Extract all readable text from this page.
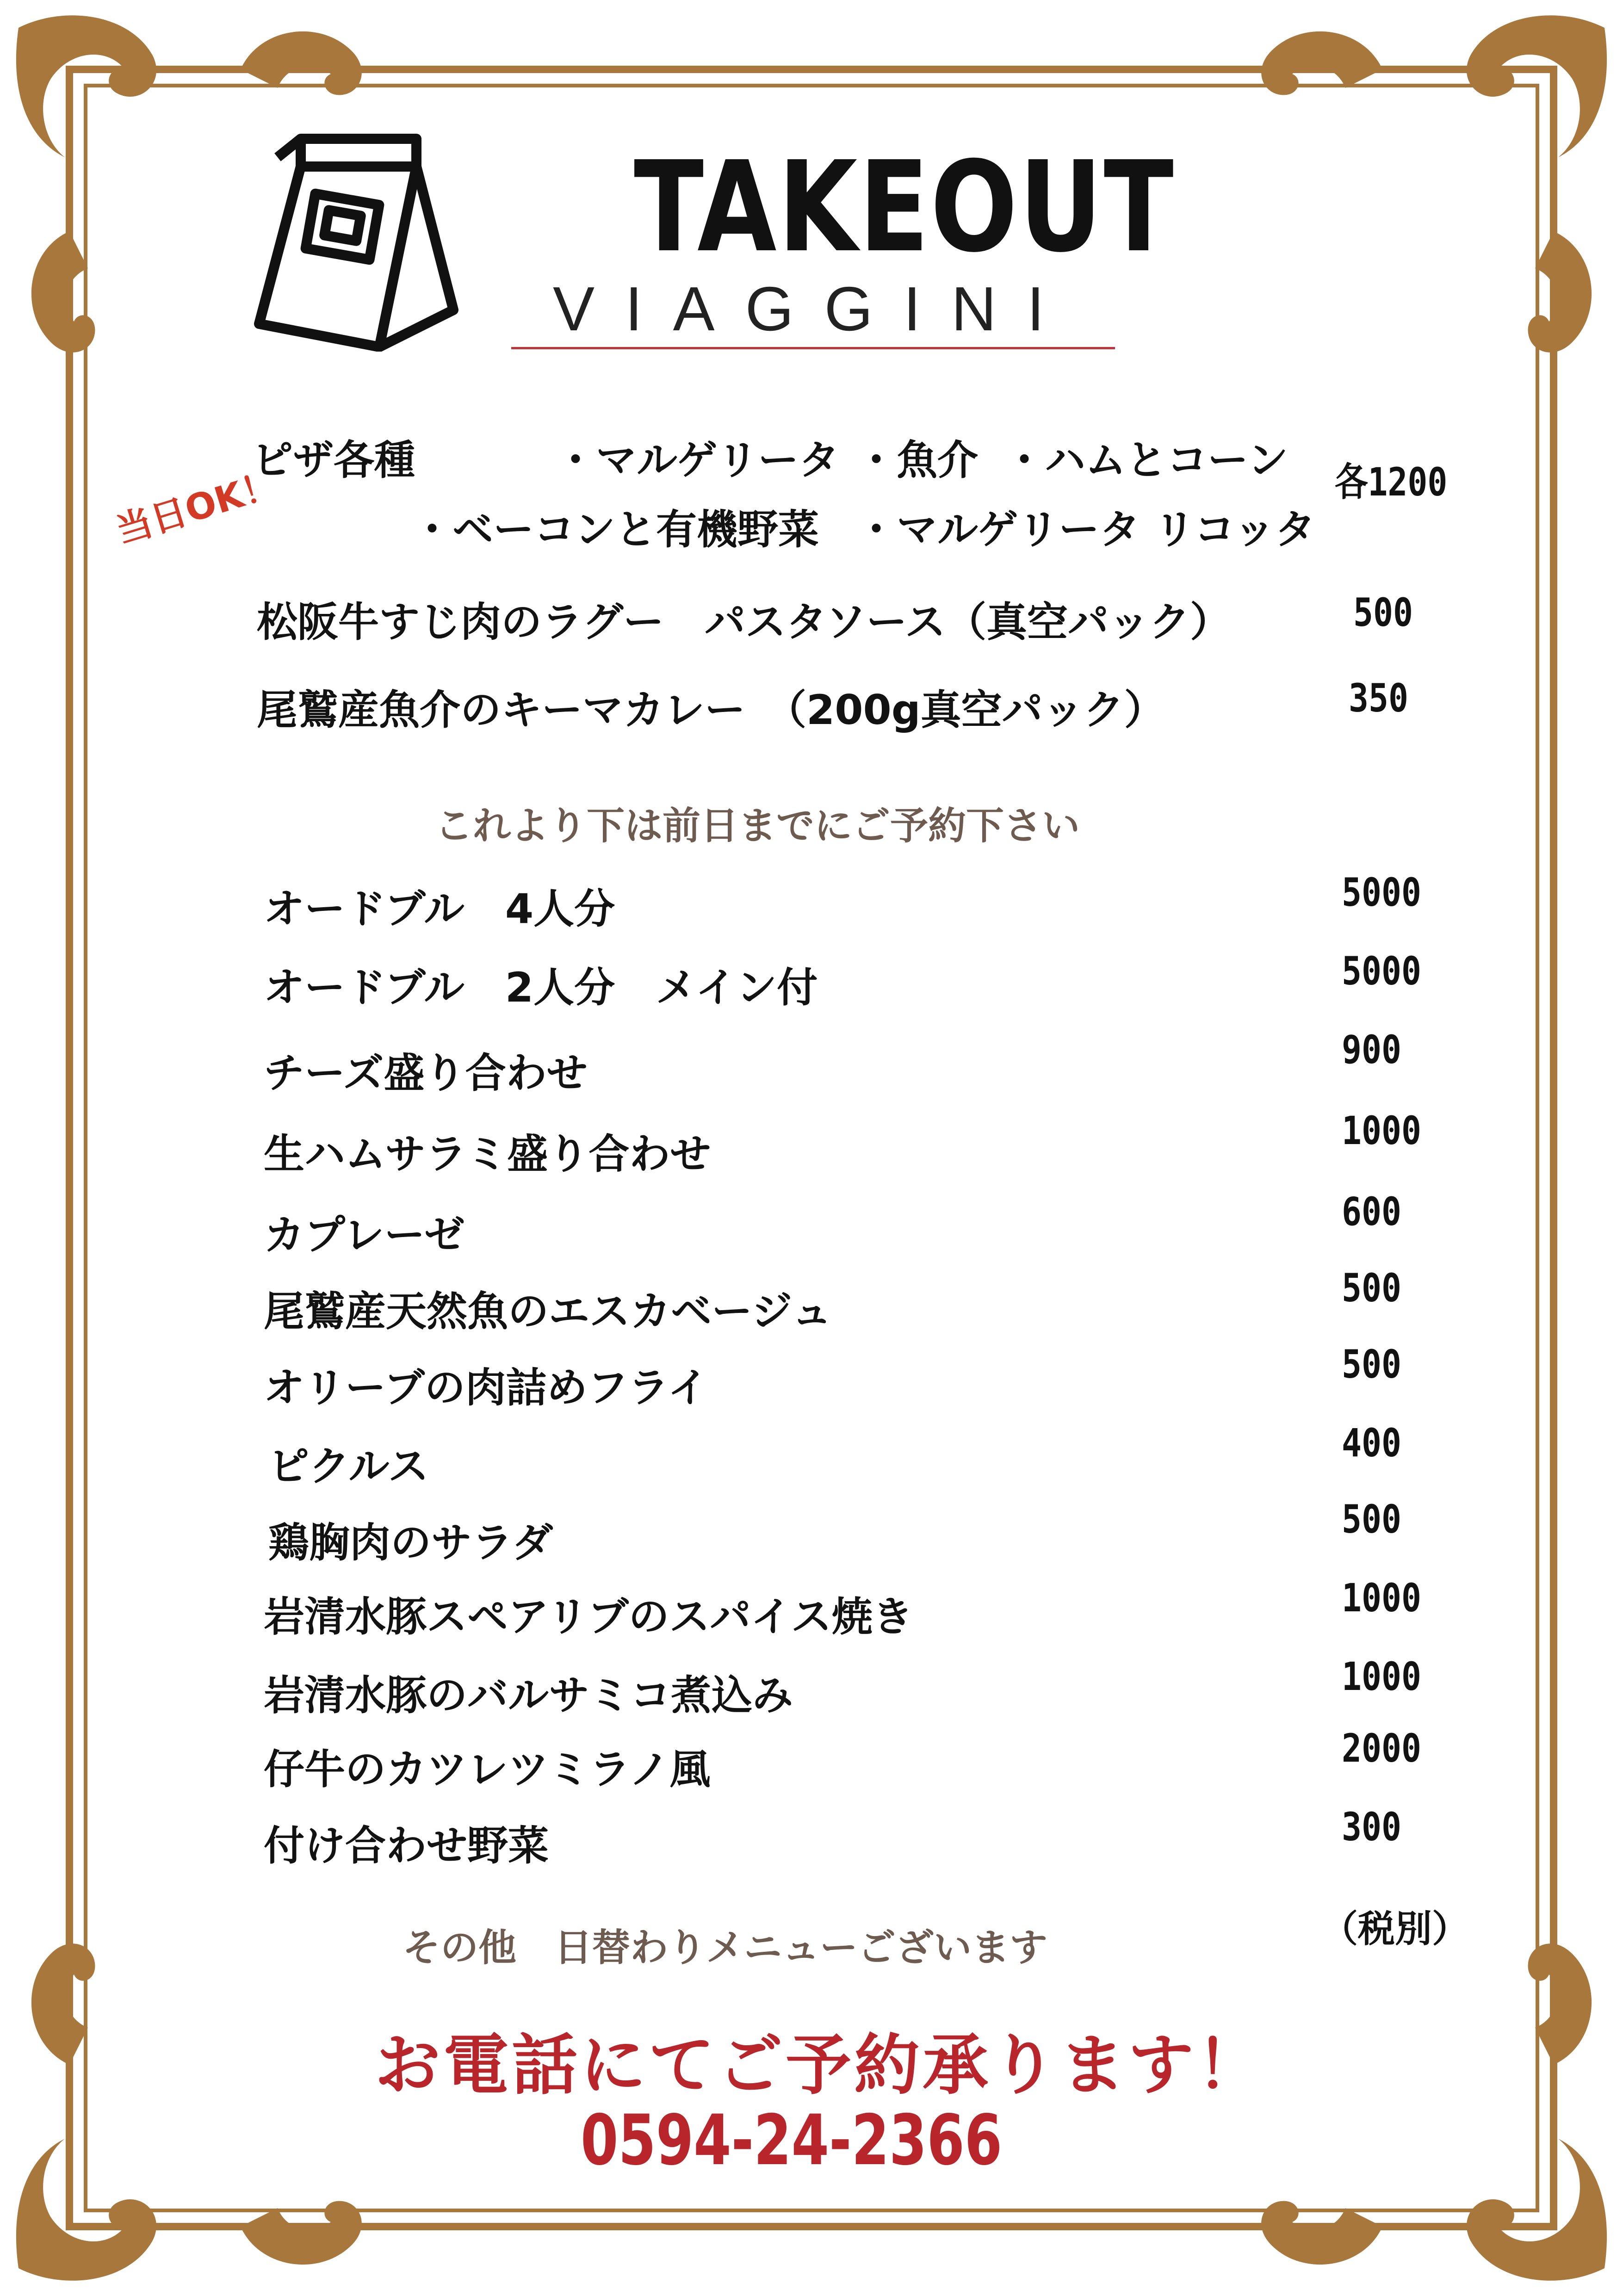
TAKEOUT
VIAGGINI
ピザ各種	・マルゲリータ ・魚介 ・ハムとコーン
・ベーコンと有機野菜 ・マルゲリータ リコッタ
各1200
当日OK！
松阪牛すじ肉のラグー　パスタソース（真空パック）	500
尾鷲産魚介のキーマカレー　（200g真空パック）	350
これより下は前日までにご予約下さい
オードブル　4人分	5000
オードブル　2人分　メイン付	5000
チーズ盛り合わせ	900
生ハムサラミ盛り合わせ	1000
カプレーゼ	600
尾鷲産天然魚のエスカベージュ	500
オリーブの肉詰めフライ	500
ピクルス	400
鶏胸肉のサラダ	500
岩清水豚スペアリブのスパイス焼き	1000
岩清水豚のバルサミコ煮込み	1000
仔牛のカツレツミラノ風	2000
付け合わせ野菜	300
（税別）
その他　日替わりメニューございます
お電話にてご予約承ります！
0594-24-2366
